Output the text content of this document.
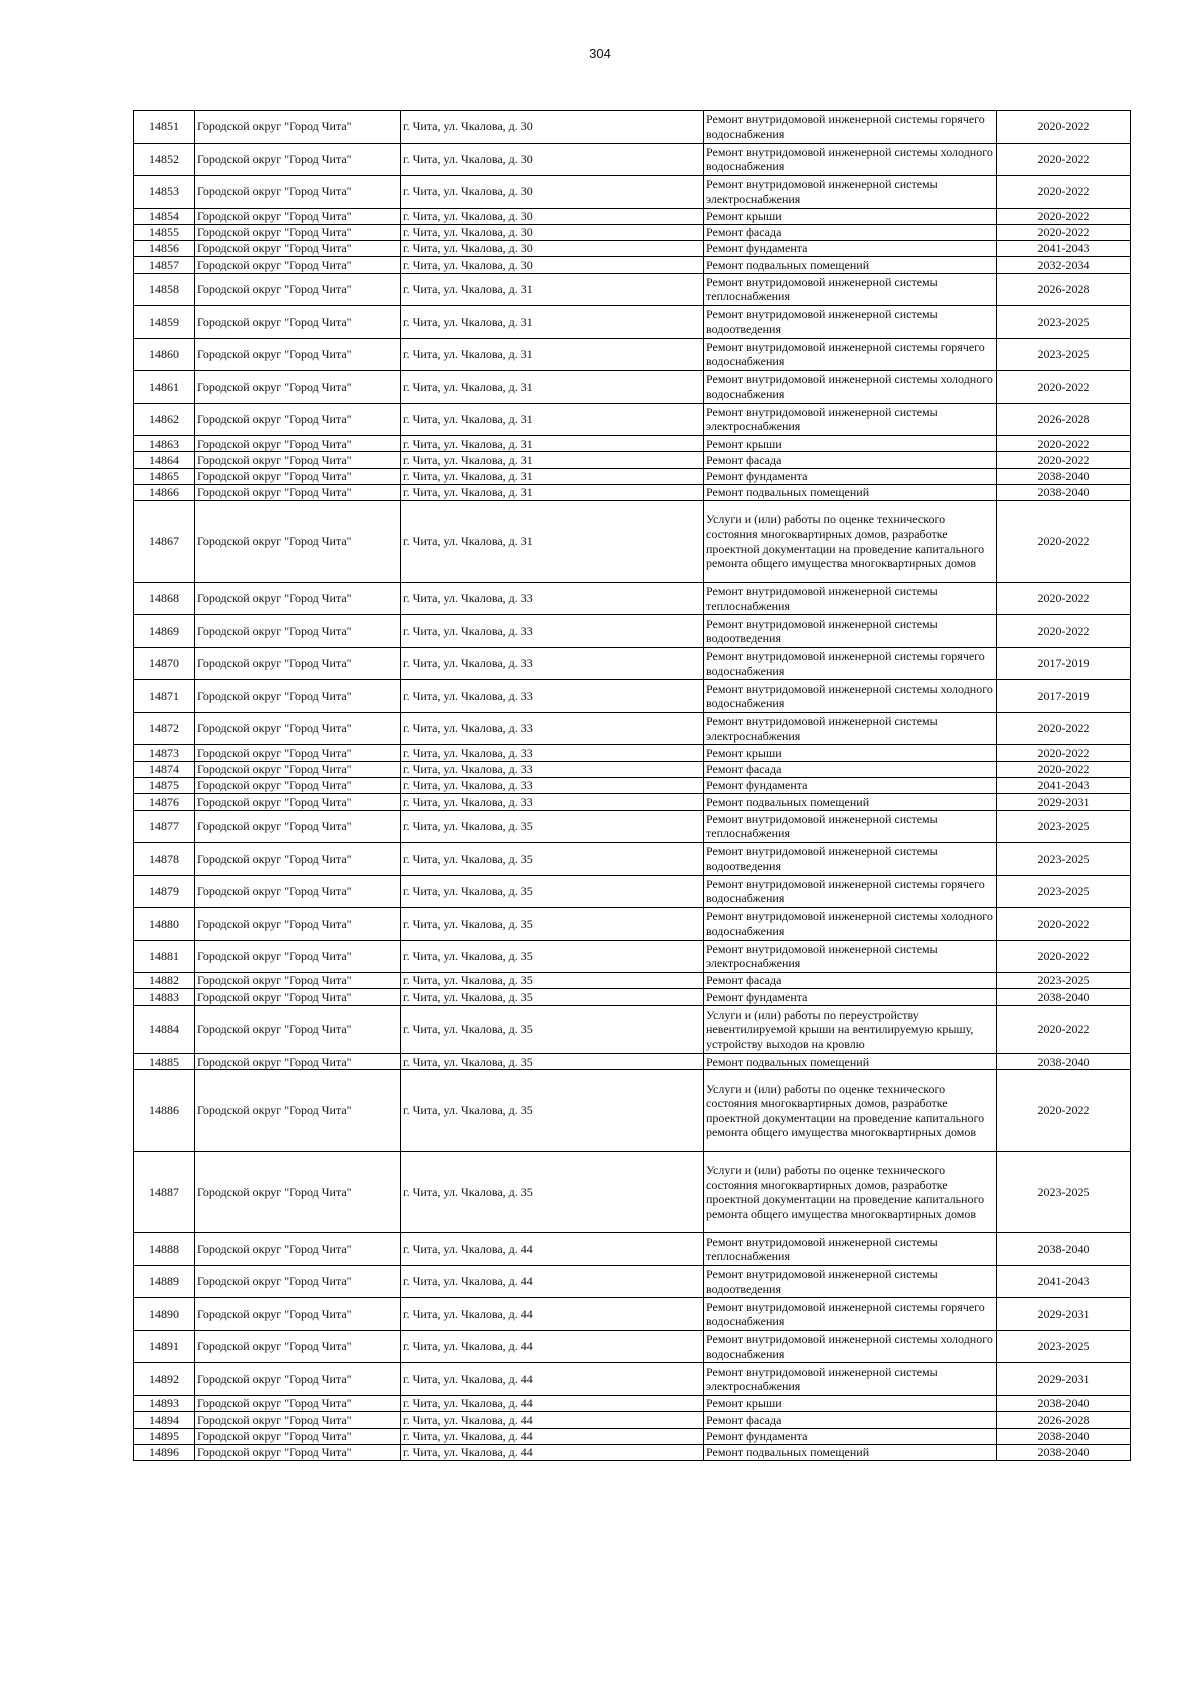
304
14851	Городской округ "Город Чита"	г. Чита, ул. Чкалова, д. 30	Ремонт внутридомовой инженерной системы горячего водоснабжения	2020-2022
14852	Городской округ "Город Чита"	г. Чита, ул. Чкалова, д. 30	Ремонт внутридомовой инженерной системы холодного водоснабжения	2020-2022
14853	Городской округ "Город Чита"	г. Чита, ул. Чкалова, д. 30	Ремонт внутридомовой инженерной системы электроснабжения	2020-2022
14854	Городской округ "Город Чита"	г. Чита, ул. Чкалова, д. 30	Ремонт крыши	2020-2022
14855	Городской округ "Город Чита"	г. Чита, ул. Чкалова, д. 30	Ремонт фасада	2020-2022
14856	Городской округ "Город Чита"	г. Чита, ул. Чкалова, д. 30	Ремонт фундамента	2041-2043
14857	Городской округ "Город Чита"	г. Чита, ул. Чкалова, д. 30	Ремонт подвальных помещений	2032-2034
14858	Городской округ "Город Чита"	г. Чита, ул. Чкалова, д. 31	Ремонт внутридомовой инженерной системы теплоснабжения	2026-2028
14859	Городской округ "Город Чита"	г. Чита, ул. Чкалова, д. 31	Ремонт внутридомовой инженерной системы водоотведения	2023-2025
14860	Городской округ "Город Чита"	г. Чита, ул. Чкалова, д. 31	Ремонт внутридомовой инженерной системы горячего водоснабжения	2023-2025
14861	Городской округ "Город Чита"	г. Чита, ул. Чкалова, д. 31	Ремонт внутридомовой инженерной системы холодного водоснабжения	2020-2022
14862	Городской округ "Город Чита"	г. Чита, ул. Чкалова, д. 31	Ремонт внутридомовой инженерной системы электроснабжения	2026-2028
14863	Городской округ "Город Чита"	г. Чита, ул. Чкалова, д. 31	Ремонт крыши	2020-2022
14864	Городской округ "Город Чита"	г. Чита, ул. Чкалова, д. 31	Ремонт фасада	2020-2022
14865	Городской округ "Город Чита"	г. Чита, ул. Чкалова, д. 31	Ремонт фундамента	2038-2040
14866	Городской округ "Город Чита"	г. Чита, ул. Чкалова, д. 31	Ремонт подвальных помещений	2038-2040
14867	Городской округ "Город Чита"	г. Чита, ул. Чкалова, д. 31	Услуги и (или) работы по оценке технического состояния многоквартирных домов, разработке проектной документации на проведение капитального ремонта общего имущества многоквартирных домов	2020-2022
14868	Городской округ "Город Чита"	г. Чита, ул. Чкалова, д. 33	Ремонт внутридомовой инженерной системы теплоснабжения	2020-2022
14869	Городской округ "Город Чита"	г. Чита, ул. Чкалова, д. 33	Ремонт внутридомовой инженерной системы водоотведения	2020-2022
14870	Городской округ "Город Чита"	г. Чита, ул. Чкалова, д. 33	Ремонт внутридомовой инженерной системы горячего водоснабжения	2017-2019
14871	Городской округ "Город Чита"	г. Чита, ул. Чкалова, д. 33	Ремонт внутридомовой инженерной системы холодного водоснабжения	2017-2019
14872	Городской округ "Город Чита"	г. Чита, ул. Чкалова, д. 33	Ремонт внутридомовой инженерной системы электроснабжения	2020-2022
14873	Городской округ "Город Чита"	г. Чита, ул. Чкалова, д. 33	Ремонт крыши	2020-2022
14874	Городской округ "Город Чита"	г. Чита, ул. Чкалова, д. 33	Ремонт фасада	2020-2022
14875	Городской округ "Город Чита"	г. Чита, ул. Чкалова, д. 33	Ремонт фундамента	2041-2043
14876	Городской округ "Город Чита"	г. Чита, ул. Чкалова, д. 33	Ремонт подвальных помещений	2029-2031
14877	Городской округ "Город Чита"	г. Чита, ул. Чкалова, д. 35	Ремонт внутридомовой инженерной системы теплоснабжения	2023-2025
14878	Городской округ "Город Чита"	г. Чита, ул. Чкалова, д. 35	Ремонт внутридомовой инженерной системы водоотведения	2023-2025
14879	Городской округ "Город Чита"	г. Чита, ул. Чкалова, д. 35	Ремонт внутридомовой инженерной системы горячего водоснабжения	2023-2025
14880	Городской округ "Город Чита"	г. Чита, ул. Чкалова, д. 35	Ремонт внутридомовой инженерной системы холодного водоснабжения	2020-2022
14881	Городской округ "Город Чита"	г. Чита, ул. Чкалова, д. 35	Ремонт внутридомовой инженерной системы электроснабжения	2020-2022
14882	Городской округ "Город Чита"	г. Чита, ул. Чкалова, д. 35	Ремонт фасада	2023-2025
14883	Городской округ "Город Чита"	г. Чита, ул. Чкалова, д. 35	Ремонт фундамента	2038-2040
14884	Городской округ "Город Чита"	г. Чита, ул. Чкалова, д. 35	Услуги и (или) работы по переустройству невентилируемой крыши на вентилируемую крышу, устройству выходов на кровлю	2020-2022
14885	Городской округ "Город Чита"	г. Чита, ул. Чкалова, д. 35	Ремонт подвальных помещений	2038-2040
14886	Городской округ "Город Чита"	г. Чита, ул. Чкалова, д. 35	Услуги и (или) работы по оценке технического состояния многоквартирных домов, разработке проектной документации на проведение капитального ремонта общего имущества многоквартирных домов	2020-2022
14887	Городской округ "Город Чита"	г. Чита, ул. Чкалова, д. 35	Услуги и (или) работы по оценке технического состояния многоквартирных домов, разработке проектной документации на проведение капитального ремонта общего имущества многоквартирных домов	2023-2025
14888	Городской округ "Город Чита"	г. Чита, ул. Чкалова, д. 44	Ремонт внутридомовой инженерной системы теплоснабжения	2038-2040
14889	Городской округ "Город Чита"	г. Чита, ул. Чкалова, д. 44	Ремонт внутридомовой инженерной системы водоотведения	2041-2043
14890	Городской округ "Город Чита"	г. Чита, ул. Чкалова, д. 44	Ремонт внутридомовой инженерной системы горячего водоснабжения	2029-2031
14891	Городской округ "Город Чита"	г. Чита, ул. Чкалова, д. 44	Ремонт внутридомовой инженерной системы холодного водоснабжения	2023-2025
14892	Городской округ "Город Чита"	г. Чита, ул. Чкалова, д. 44	Ремонт внутридомовой инженерной системы электроснабжения	2029-2031
14893	Городской округ "Город Чита"	г. Чита, ул. Чкалова, д. 44	Ремонт крыши	2038-2040
14894	Городской округ "Город Чита"	г. Чита, ул. Чкалова, д. 44	Ремонт фасада	2026-2028
14895	Городской округ "Город Чита"	г. Чита, ул. Чкалова, д. 44	Ремонт фундамента	2038-2040
14896	Городской округ "Город Чита"	г. Чита, ул. Чкалова, д. 44	Ремонт подвальных помещений	2038-2040
